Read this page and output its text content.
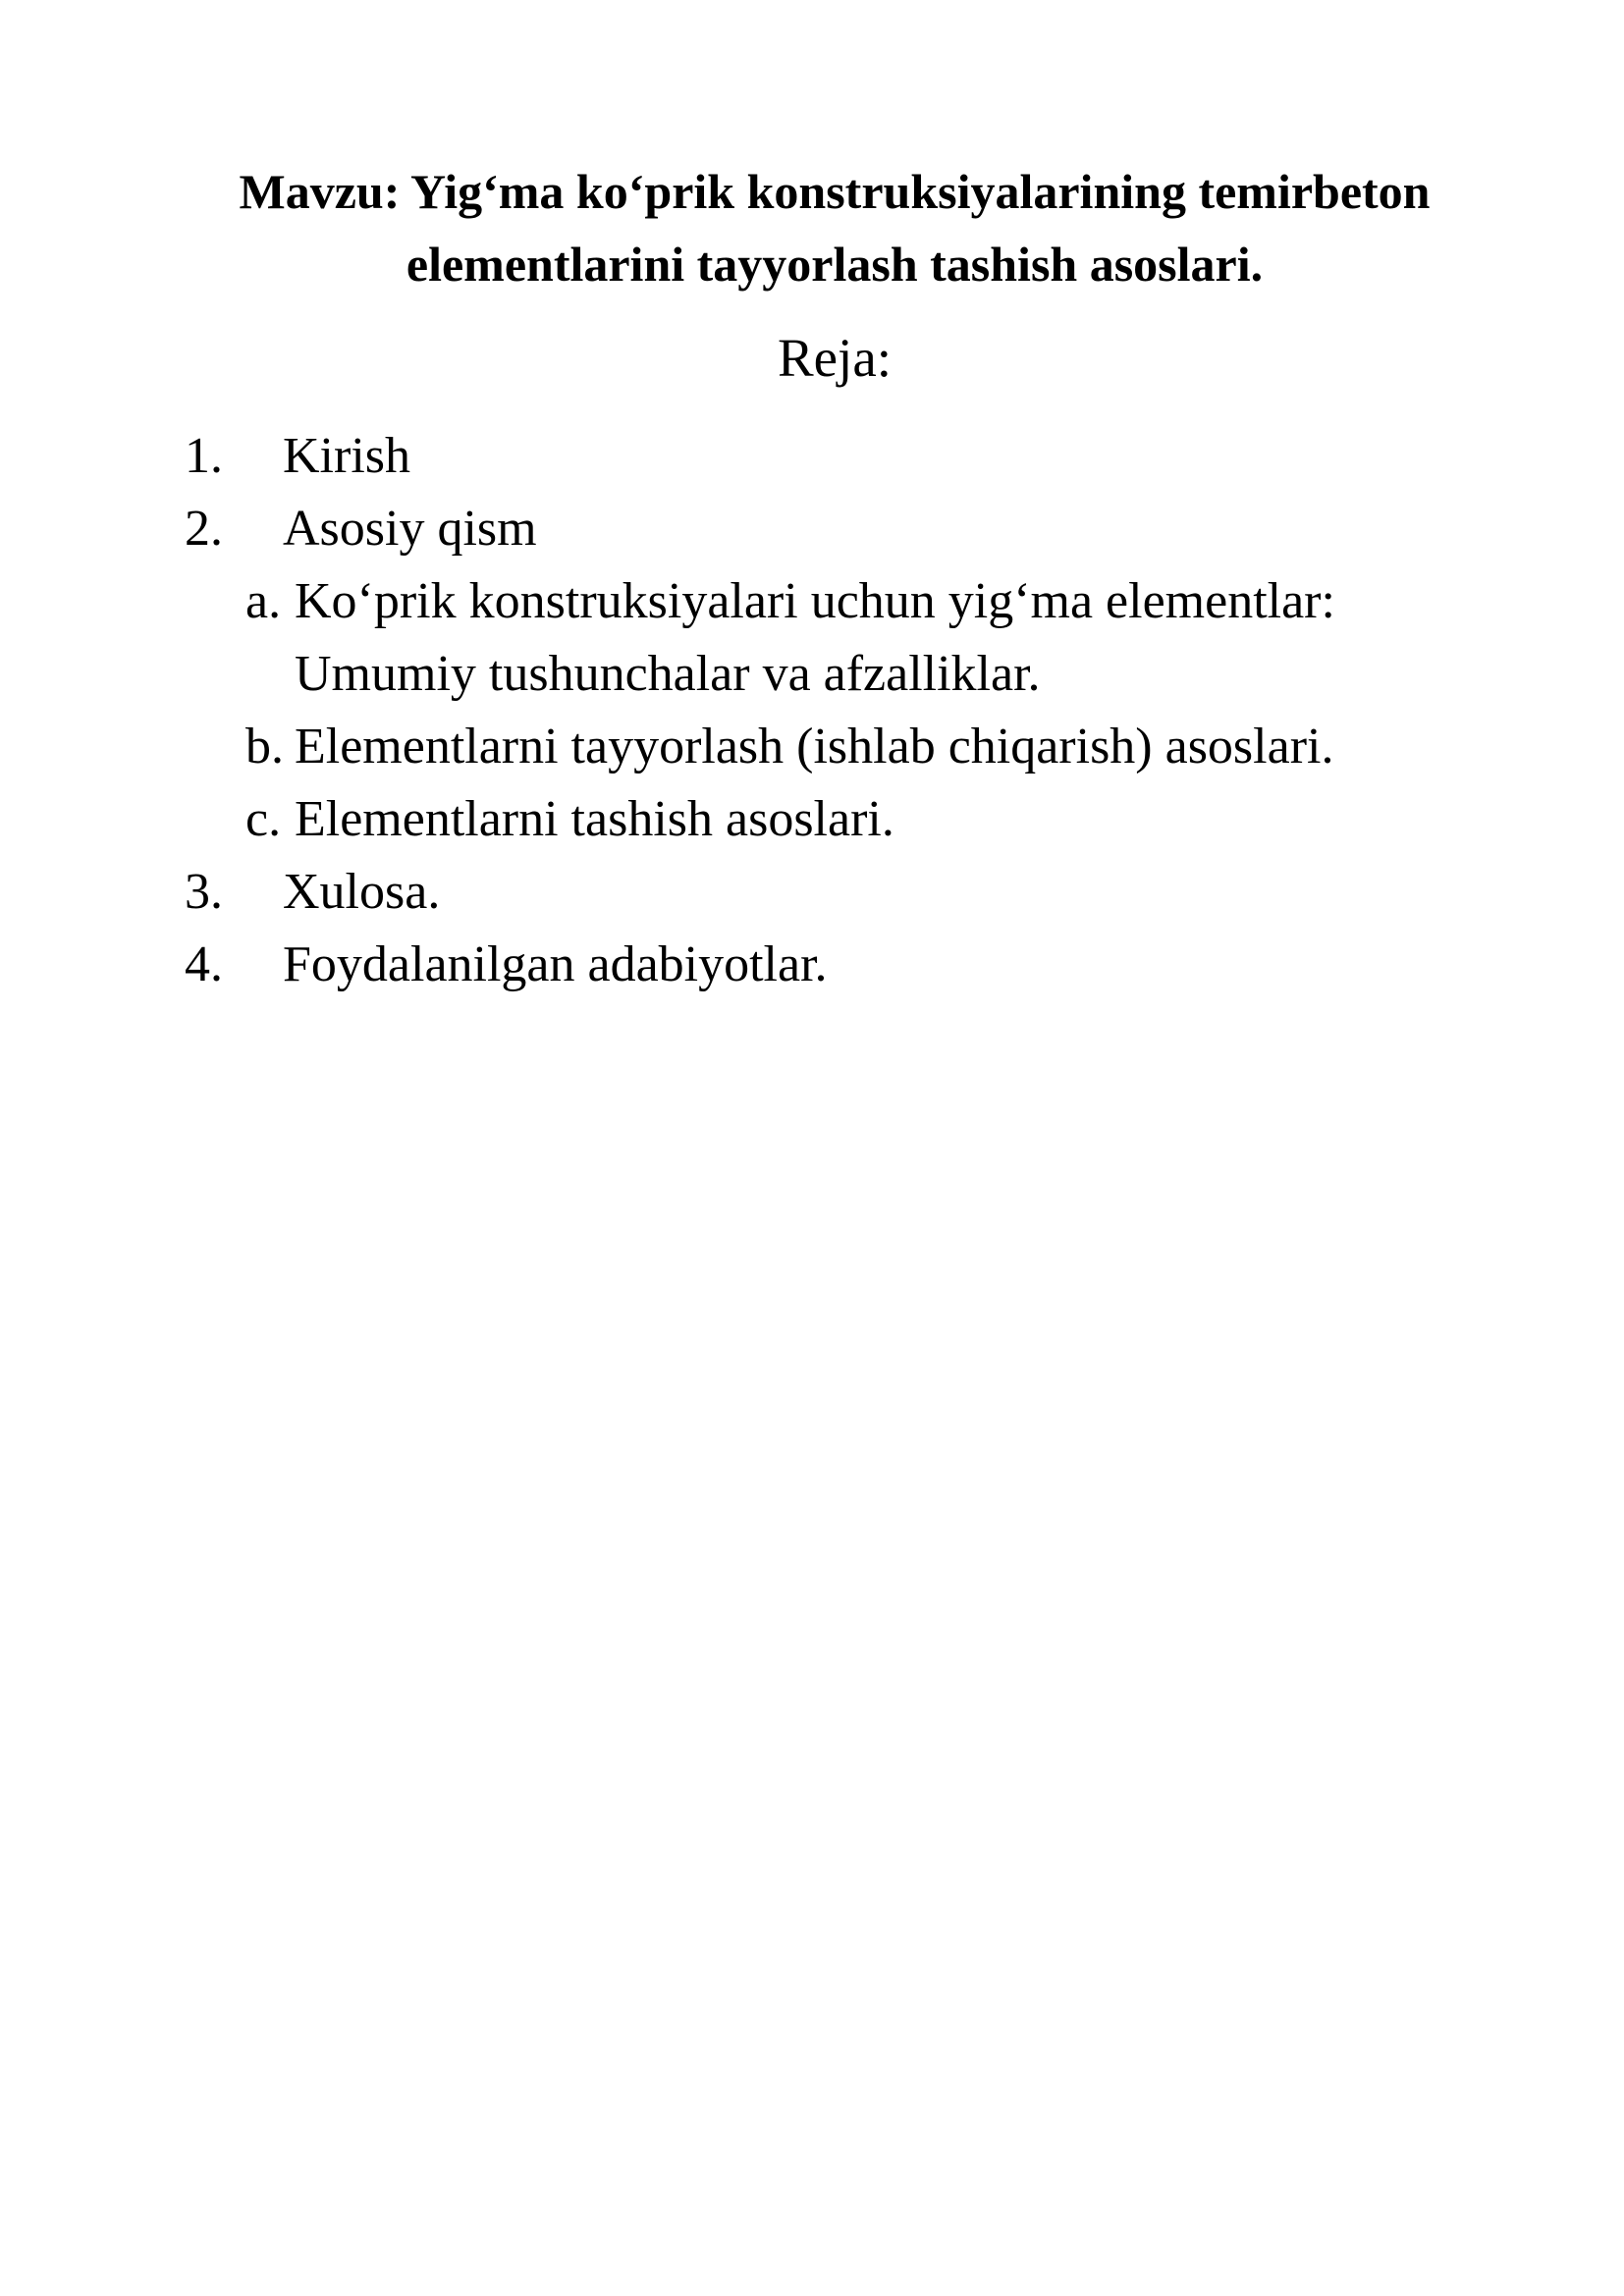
Mavzu: Yig‘ma ko‘prik konstruksiyalarining temirbeton
elementlarini tayyorlash tashish asoslari.
Reja:
1. Kirish
2. Asosiy qism
a. Ko‘prik konstruksiyalari uchun yig‘ma elementlar:
Umumiy tushunchalar va afzalliklar.
b. Elementlarni tayyorlash (ishlab chiqarish) asoslari.
c. Elementlarni tashish asoslari.
3. Xulosa.
4. Foydalanilgan adabiyotlar.
